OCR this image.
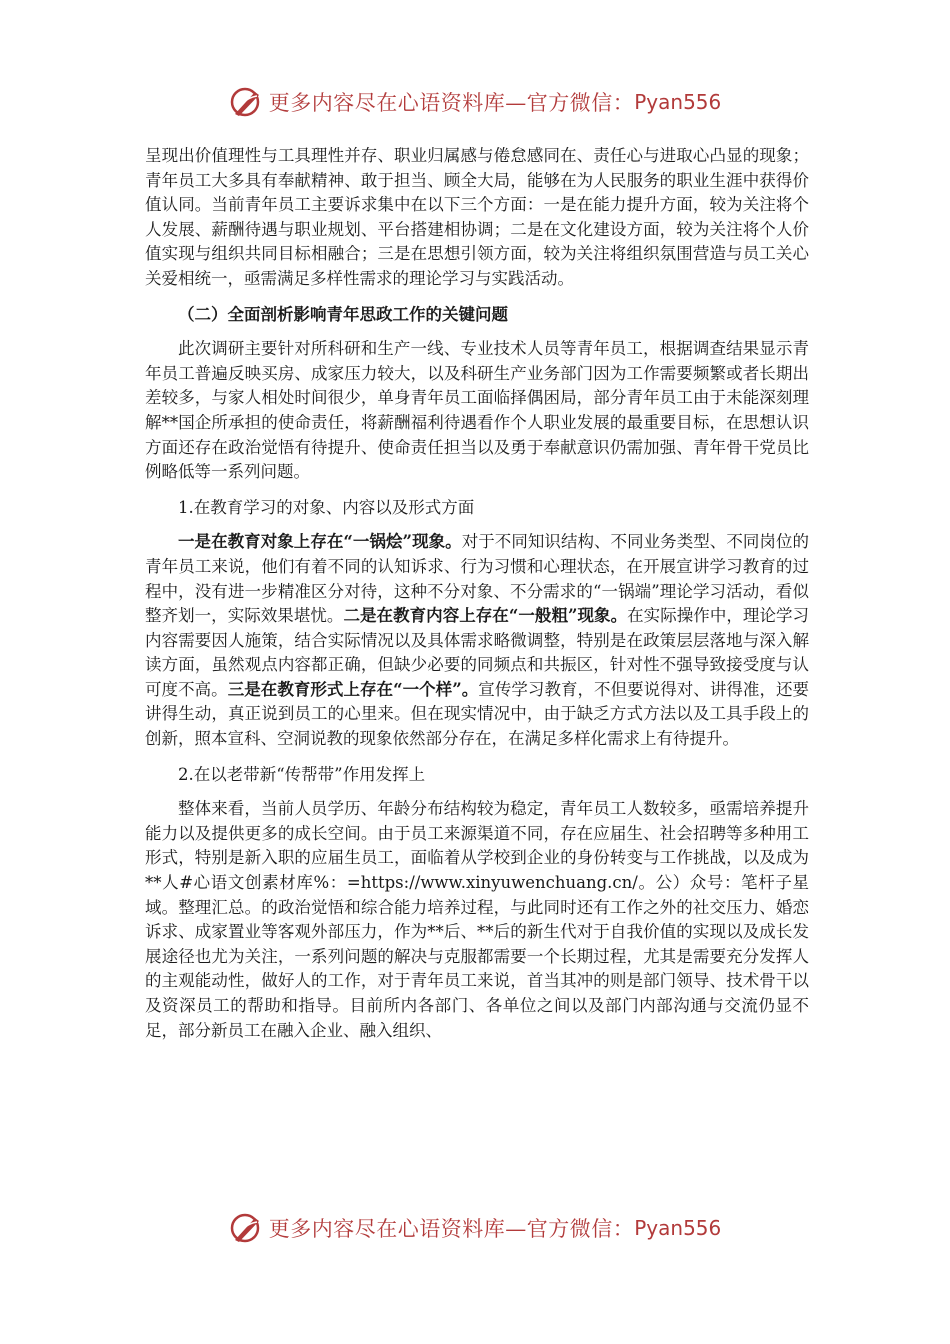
更多内容尽在心语资料库—官方微信： Pyan556

呈现出价值理性与工具理性并存、职业归属感与倦怠感同在、责任心与进取心凸显的现象；青年员工大多具有奉献精神、敢于担当、顾全大局，能够在为人民服务的职业生涯中获得价值认同。当前青年员工主要诉求集中在以下三个方面：一是在能力提升方面，较为关注将个人发展、薪酬待遇与职业规划、平台搭建相协调；二是在文化建设方面，较为关注将个人价值实现与组织共同目标相融合；三是在思想引领方面，较为关注将组织氛围营造与员工关心关爱相统一，亟需满足多样性需求的理论学习与实践活动。

（二）全面剖析影响青年思政工作的关键问题

此次调研主要针对所科研和生产一线、专业技术人员等青年员工，根据调查结果显示青年员工普遍反映买房、成家压力较大，以及科研生产业务部门因为工作需要频繁或者长期出差较多，与家人相处时间很少，单身青年员工面临择偶困局，部分青年员工由于未能深刻理解**国企所承担的使命责任，将薪酬福利待遇看作个人职业发展的最重要目标，在思想认识方面还存在政治觉悟有待提升、使命责任担当以及勇于奉献意识仍需加强、青年骨干党员比例略低等一系列问题。

1.在教育学习的对象、内容以及形式方面

一是在教育对象上存在“一锅烩”现象。对于不同知识结构、不同业务类型、不同岗位的青年员工来说，他们有着不同的认知诉求、行为习惯和心理状态，在开展宣讲学习教育的过程中，没有进一步精准区分对待，这种不分对象、不分需求的“一锅端”理论学习活动，看似整齐划一，实际效果堪忧。二是在教育内容上存在“一般粗”现象。在实际操作中，理论学习内容需要因人施策，结合实际情况以及具体需求略微调整，特别是在政策层层落地与深入解读方面，虽然观点内容都正确，但缺少必要的同频点和共振区，针对性不强导致接受度与认可度不高。三是在教育形式上存在“一个样”。宣传学习教育，不但要说得对、讲得准，还要讲得生动，真正说到员工的心里来。但在现实情况中，由于缺乏方式方法以及工具手段上的创新，照本宣科、空洞说教的现象依然部分存在，在满足多样化需求上有待提升。

2.在以老带新“传帮带”作用发挥上

整体来看，当前人员学历、年龄分布结构较为稳定，青年员工人数较多，亟需培养提升能力以及提供更多的成长空间。由于员工来源渠道不同，存在应届生、社会招聘等多种用工形式，特别是新入职的应届生员工，面临着从学校到企业的身份转变与工作挑战，以及成为**人#心语文创素材库%：=https://www.xinyuwenchuang.cn/。公）众号：笔杆子星域。整理汇总。的政治觉悟和综合能力培养过程，与此同时还有工作之外的社交压力、婚恋诉求、成家置业等客观外部压力，作为**后、**后的新生代对于自我价值的实现以及成长发展途径也尤为关注，一系列问题的解决与克服都需要一个长期过程，尤其是需要充分发挥人的主观能动性，做好人的工作，对于青年员工来说，首当其冲的则是部门领导、技术骨干以及资深员工的帮助和指导。目前所内各部门、各单位之间以及部门内部沟通与交流仍显不足，部分新员工在融入企业、融入组织、

更多内容尽在心语资料库—官方微信： Pyan556
